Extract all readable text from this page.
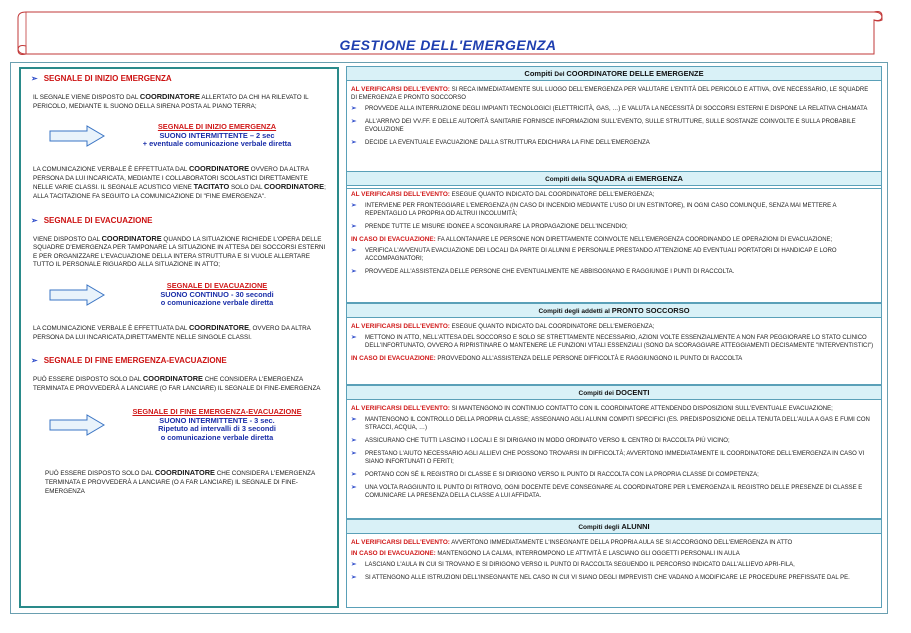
GESTIONE DELL'EMERGENZA
➢ SEGNALE DI INIZIO EMERGENZA

IL SEGNALE VIENE DISPOSTO DAL COORDINATORE ALLERTATO DA CHI HA RILEVATO IL PERICOLO, MEDIANTE IL SUONO DELLA SIRENA POSTA AL PIANO TERRA;

SEGNALE DI INIZIO EMERGENZA
SUONO INTERMITTENTE – 2 sec
+ eventuale comunicazione verbale diretta

LA COMUNICAZIONE VERBALE È EFFETTUATA DAL COORDINATORE OVVERO DA ALTRA PERSONA DA LUI INCARICATA, MEDIANTE I COLLABORATORI SCOLASTICI DIRETTAMENTE NELLE VARIE CLASSI. IL SEGNALE ACUSTICO VIENE TACITATO SOLO DAL COORDINATORE; ALLA TACITAZIONE FA SEGUITO LA COMUNICAZIONE DI "FINE EMERGENZA".

➢ SEGNALE DI EVACUAZIONE

VIENE DISPOSTO DAL COORDINATORE QUANDO LA SITUAZIONE RICHIEDE L'OPERA DELLE SQUADRE D'EMERGENZA PER TAMPONARE LA SITUAZIONE IN ATTESA DEI SOCCORSI ESTERNI E PER ORGANIZZARE L'EVACUAZIONE DELLA INTERA STRUTTURA E SI VUOLE ALLERTARE TUTTO IL PERSONALE RIGUARDO ALLA SITUAZIONE IN ATTO;

SEGNALE DI EVACUAZIONE
SUONO CONTINUO - 30 secondi
o comunicazione verbale diretta

LA COMUNICAZIONE VERBALE È EFFETTUATA DAL COORDINATORE, OVVERO DA ALTRA PERSONA DA LUI INCARICATA,DIRETTAMENTE NELLE SINGOLE CLASSI.

➢ SEGNALE DI FINE EMERGENZA-EVACUAZIONE

PUÒ ESSERE DISPOSTO SOLO DAL COORDINATORE CHE CONSIDERA L'EMERGENZA TERMINATA E PROVVEDERÀ A LANCIARE (O FAR LANCIARE) IL SEGNALE DI FINE-EMERGENZA

SEGNALE DI FINE EMERGENZA-EVACUAZIONE
SUONO INTERMITTENTE - 3 sec.
Ripetuto ad intervalli di 3 secondi
o comunicazione verbale diretta

PUÒ ESSERE DISPOSTO SOLO DAL COORDINATORE CHE CONSIDERA L'EMERGENZA TERMINATA E PROVVEDERÀ A LANCIARE (O A FAR LANCIARE) IL SEGNALE DI FINE-EMERGENZA

Compiti Del COORDINATORE DELLE EMERGENZE

AL VERIFICARSI DELL'EVENTO: SI RECA IMMEDIATAMENTE SUL LUOGO DELL'EMERGENZA PER VALUTARE L'ENTITÀ DEL PERICOLO E ATTIVA, OVE NECESSARIO, LE SQUADRE DI EMERGENZA E PRONTO SOCCORSO

➢	PROVVEDE ALLA INTERRUZIONE DEGLI IMPIANTI TECNOLOGICI (ELETTRICITÀ, GAS, …) E VALUTA LA NECESSITÀ DI SOCCORSI ESTERNI E DISPONE LA RELATIVA CHIAMATA
➢	ALL'ARRIVO DEI VV.FF. E DELLE AUTORITÀ SANITARIE FORNISCE INFORMAZIONI SULL'EVENTO, SULLE STRUTTURE, SULLE SOSTANZE COINVOLTE E SULLA PROBABILE EVOLUZIONE
➢	DECIDE LA EVENTUALE EVACUAZIONE DALLA STRUTTURA EDICHIARA LA FINE DELL'EMERGENZA
Compiti della SQUADRA di EMERGENZA

AL VERIFICARSI DELL'EVENTO: ESEGUE QUANTO INDICATO DAL COORDINATORE DELL'EMERGENZA;

➢	INTERVIENE PER FRONTEGGIARE L'EMERGENZA (IN CASO DI INCENDIO MEDIANTE L'USO DI UN ESTINTORE), IN OGNI CASO COMUNQUE, SENZA MAI METTERE A REPENTAGLIO LA PROPRIA OD ALTRUI INCOLUMITÀ;
➢	PRENDE TUTTE LE MISURE IDONEE A SCONGIURARE LA PROPAGAZIONE DELL'INCENDIO;

IN CASO DI EVACUAZIONE: FA ALLONTANARE LE PERSONE NON DIRETTAMENTE COINVOLTE NELL'EMERGENZA COORDINANDO LE OPERAZIONI DI EVACUAZIONE;

➢	VERIFICA L'AVVENUTA EVACUAZIONE DEI LOCALI DA PARTE DI ALUNNI E PERSONALE PRESTANDO ATTENZIONE AD EVENTUALI PORTATORI DI HANDICAP E LORO ACCOMPAGNATORI;
➢	PROVVEDE ALL'ASSISTENZA DELLE PERSONE CHE EVENTUALMENTE NE ABBISOGNANO E RAGGIUNGE I PUNTI DI RACCOLTA.
Compiti degli addetti al PRONTO SOCCORSO

AL VERIFICARSI DELL'EVENTO: ESEGUE QUANTO INDICATO DAL COORDINATORE DELL'EMERGENZA;

➢	METTONO IN ATTO, NELL'ATTESA DEL SOCCORSO E SOLO SE STRETTAMENTE NECESSARIO, AZIONI VOLTE ESSENZIALMENTE A NON FAR PEGGIORARE LO STATO CLINICO DELL'INFORTUNATO, OVVERO A RIPRISTINARE O MANTENERE LE FUNZIONI VITALI ESSENZIALI (SONO DA SCORAGGIARE ATTEGGIAMENTI DECISAMENTE "INTERVENTISTICI")

IN CASO DI EVACUAZIONE: PROVVEDONO ALL'ASSISTENZA DELLE PERSONE DIFFICOLTÀ E RAGGIUNGONO IL PUNTO DI RACCOLTA

Compiti dei DOCENTI

AL VERIFICARSI DELL'EVENTO: SI MANTENGONO IN CONTINUO CONTATTO CON IL COORDINATORE ATTENDENDO DISPOSIZIONI SULL'EVENTUALE EVACUAZIONE;

➢	MANTENGONO IL CONTROLLO DELLA PROPRIA CLASSE; ASSEGNANO AGLI ALUNNI COMPITI SPECIFICI (ES. PREDISPOSIZIONE DELLA TENUTA DELL'AULA A GAS E FUMI CON STRACCI, ACQUA, …)
➢	ASSICURANO CHE TUTTI LASCINO I LOCALI E SI DIRIGANO IN MODO ORDINATO VERSO IL CENTRO DI RACCOLTA PIÙ VICINO;
➢	PRESTANO L'AIUTO NECESSARIO AGLI ALLIEVI CHE POSSONO TROVARSI IN DIFFICOLTÀ; AVVERTONO IMMEDIATAMENTE IL COORDINATORE DELL'EMERGENZA IN CASO VI SIANO INFORTUNATI O FERITI;
➢	PORTANO CON SÉ IL REGISTRO DI CLASSE E SI DIRIGONO VERSO IL PUNTO DI RACCOLTA CON LA PROPRIA CLASSE DI COMPETENZA;
➢	UNA VOLTA RAGGIUNTO IL PUNTO DI RITROVO, OGNI DOCENTE DEVE CONSEGNARE AL COORDINATORE PER L'EMERGENZA IL REGISTRO DELLE PRESENZE DI CLASSE E COMUNICARE LA PRESENZA DELLA CLASSE A LUI AFFIDATA.
Compiti degli ALUNNI

AL VERIFICARSI DELL'EVENTO: AVVERTONO IMMEDIATAMENTE L'INSEGNANTE DELLA PROPRIA AULA SE SI ACCORGONO DELL'EMERGENZA IN ATTO

IN CASO DI EVACUAZIONE: MANTENGONO LA CALMA, INTERROMPONO LE ATTIVITÀ E LASCIANO GLI OGGETTI PERSONALI IN AULA

➢	LASCIANO L'AULA IN CUI SI TROVANO E SI DIRIGONO VERSO IL PUNTO DI RACCOLTA SEGUENDO IL PERCORSO INDICATO DALL'ALLIEVO APRI-FILA,
➢	SI ATTENGONO ALLE ISTRUZIONI DELL'INSEGNANTE NEL CASO IN CUI VI SIANO DEGLI IMPREVISTI CHE VADANO A MODIFICARE LE PROCEDURE PREFISSATE DAL PE.
